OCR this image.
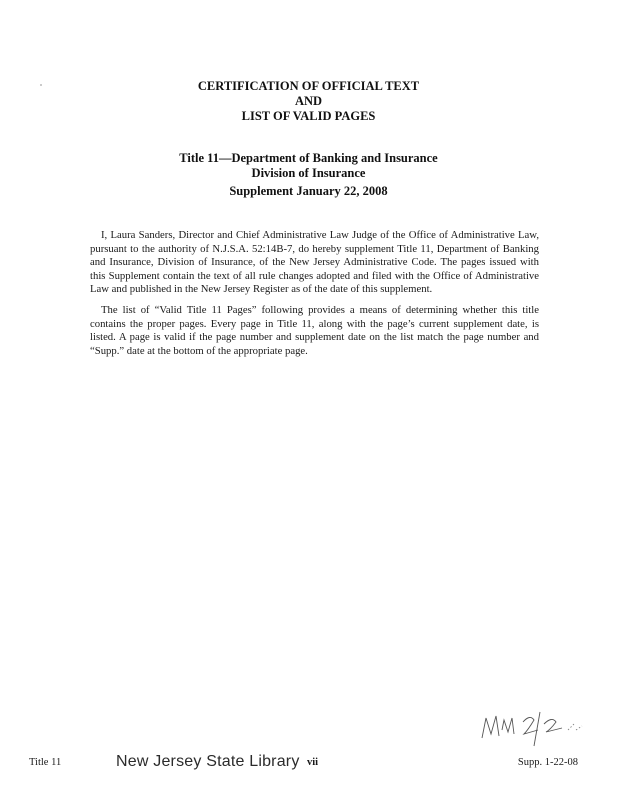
CERTIFICATION OF OFFICIAL TEXT
AND
LIST OF VALID PAGES
Title 11—Department of Banking and Insurance
Division of Insurance
Supplement January 22, 2008

I, Laura Sanders, Director and Chief Administrative Law Judge of the Office of Administrative Law, pursuant to the authority of N.J.S.A. 52:14B-7, do hereby supplement Title 11, Department of Banking and Insurance, Division of Insurance, of the New Jersey Administrative Code. The pages issued with this Supplement contain the text of all rule changes adopted and filed with the Office of Administrative Law and published in the New Jersey Register as of the date of this supplement.

The list of “Valid Title 11 Pages” following provides a means of determining whether this title contains the proper pages. Every page in Title 11, along with the page’s current supplement date, is listed. A page is valid if the page number and supplement date on the list match the page number and “Supp.” date at the bottom of the appropriate page.

Title 11	New Jersey State Library vii	Supp. 1-22-08
